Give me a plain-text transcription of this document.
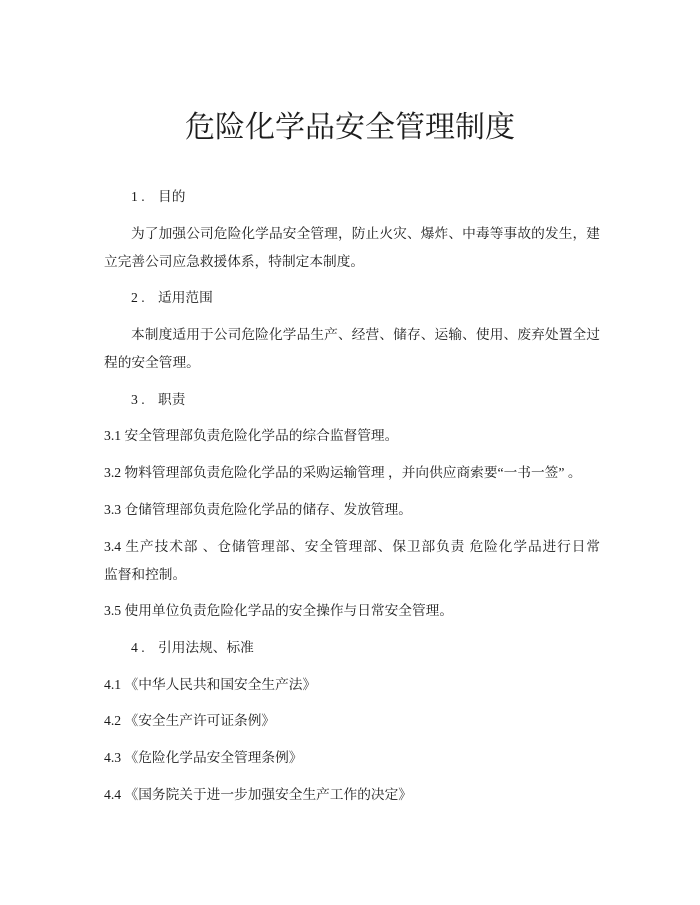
危险化学品安全管理制度
1 . 目的
为了加强公司危险化学品安全管理，防止火灾、爆炸、中毒等事故的发生，建
立完善公司应急救援体系，特制定本制度。
2 . 适用范围
本制度适用于公司危险化学品生产、经营、储存、运输、使用、废弃处置全过
程的安全管理。
3 . 职责
3.1 安全管理部负责危险化学品的综合监督管理。
3.2 物料管理部负责危险化学品的采购运输管理 ，并向供应商索要“一书一签” 。
3.3 仓储管理部负责危险化学品的储存、发放管理。
3.4 生产技术部 、仓储管理部、安全管理部、保卫部负责 危险化学品进行日常
监督和控制。
3.5 使用单位负责危险化学品的安全操作与日常安全管理。
4 . 引用法规、标准
4.1 《中华人民共和国安全生产法》
4.2 《安全生产许可证条例》
4.3 《危险化学品安全管理条例》
4.4 《国务院关于进一步加强安全生产工作的决定》
